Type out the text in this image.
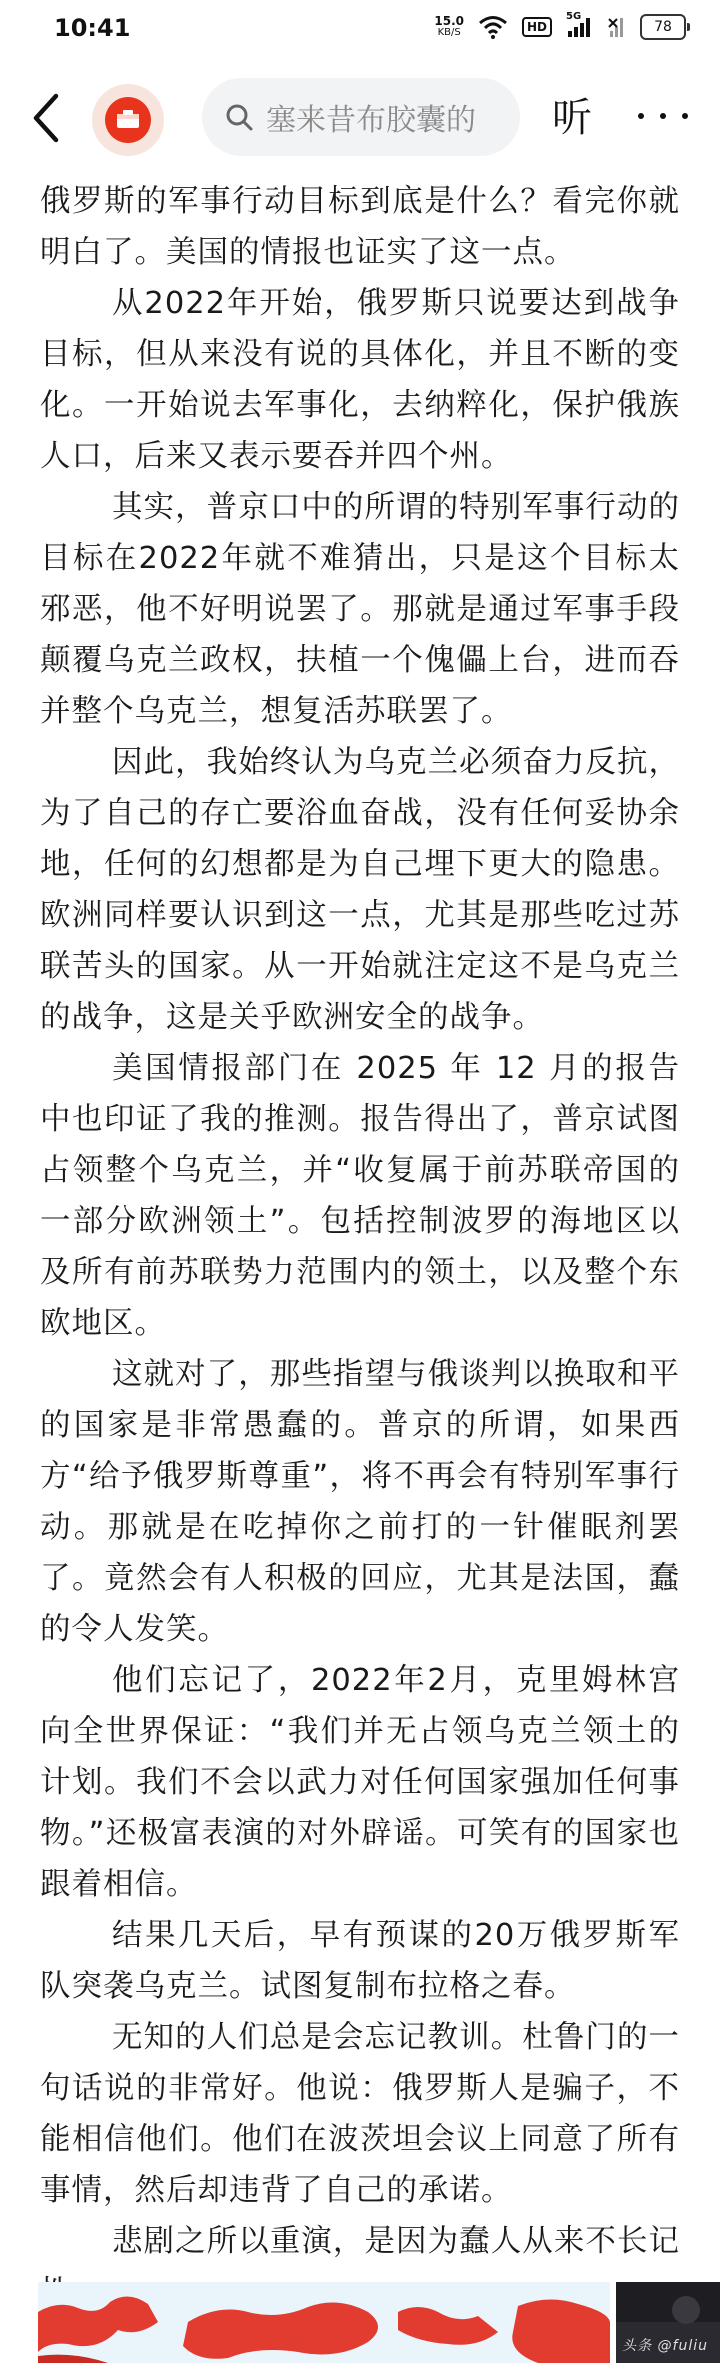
10:41	15.0
KB/S	HD
5G
78
塞来昔布胶囊的 听

俄罗斯的军事行动目标到底是什么？看完你就明白了。美国的情报也证实了这一点。

从2022年开始，俄罗斯只说要达到战争目标，但从来没有说的具体化，并且不断的变化。一开始说去军事化，去纳粹化，保护俄族人口，后来又表示要吞并四个州。

其实，普京口中的所谓的特别军事行动的目标在2022年就不难猜出，只是这个目标太邪恶，他不好明说罢了。那就是通过军事手段颠覆乌克兰政权，扶植一个傀儡上台，进而吞并整个乌克兰，想复活苏联罢了。

因此，我始终认为乌克兰必须奋力反抗，为了自己的存亡要浴血奋战，没有任何妥协余地，任何的幻想都是为自己埋下更大的隐患。欧洲同样要认识到这一点，尤其是那些吃过苏联苦头的国家。从一开始就注定这不是乌克兰的战争，这是关乎欧洲安全的战争。

美国情报部门在 2025 年 12 月的报告中也印证了我的推测。报告得出了，普京试图占领整个乌克兰，并“收复属于前苏联帝国的一部分欧洲领土”。包括控制波罗的海地区以及所有前苏联势力范围内的领土，以及整个东欧地区。

这就对了，那些指望与俄谈判以换取和平的国家是非常愚蠢的。普京的所谓，如果西方“给予俄罗斯尊重”，将不再会有特别军事行动。那就是在吃掉你之前打的一针催眠剂罢了。竟然会有人积极的回应，尤其是法国，蠢的令人发笑。

他们忘记了，2022年2月，克里姆林宫向全世界保证：“我们并无占领乌克兰领土的计划。我们不会以武力对任何国家强加任何事物。”还极富表演的对外辟谣。可笑有的国家也跟着相信。

结果几天后，早有预谋的20万俄罗斯军队突袭乌克兰。试图复制布拉格之春。

无知的人们总是会忘记教训。杜鲁门的一句话说的非常好。他说：俄罗斯人是骗子，不能相信他们。他们在波茨坦会议上同意了所有事情，然后却违背了自己的承诺。

悲剧之所以重演，是因为蠢人从来不长记

头条 @fuliu
